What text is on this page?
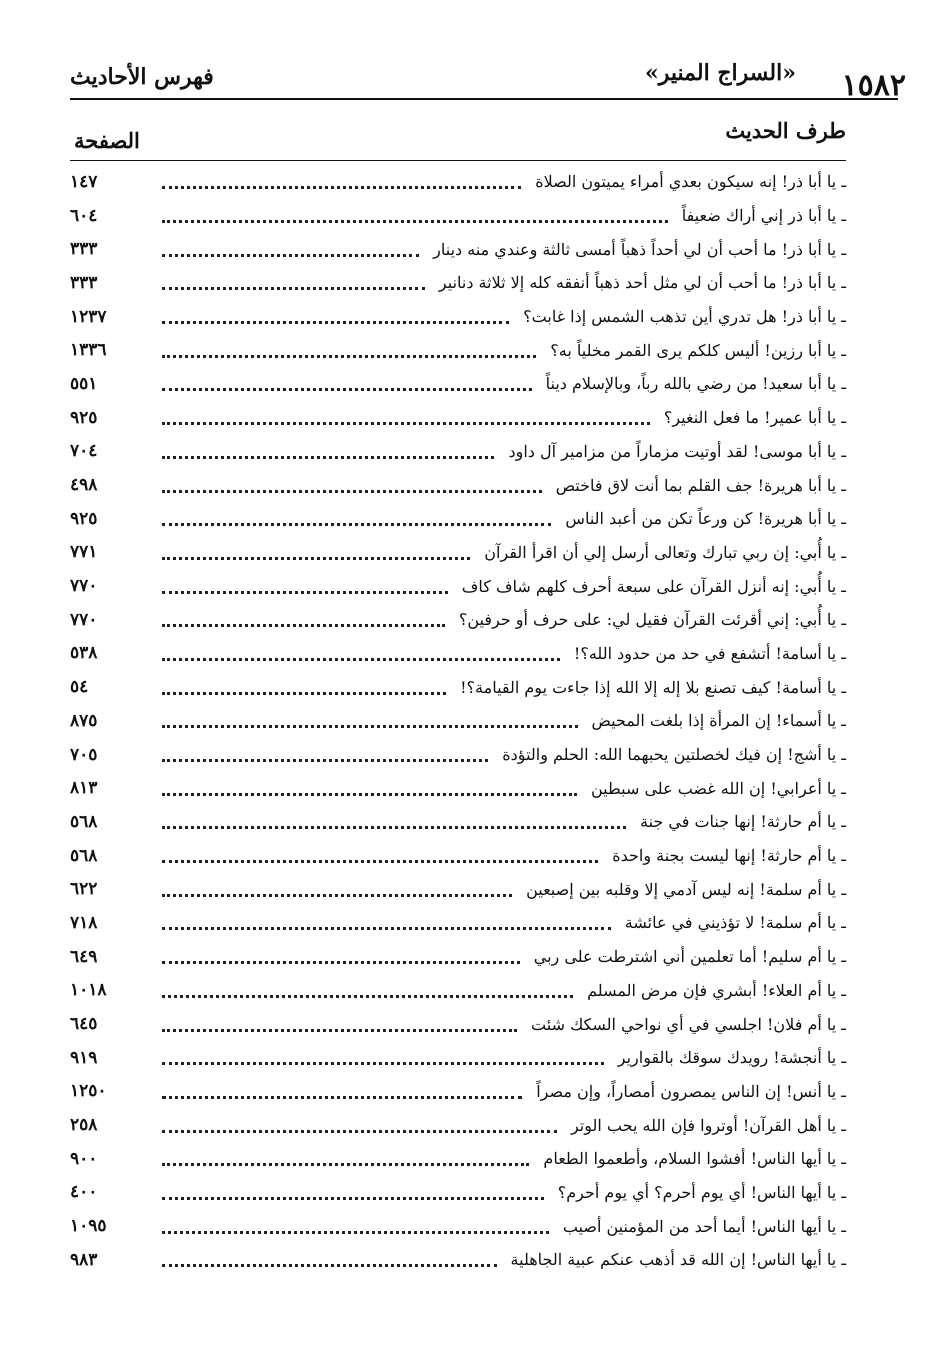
١٥٨٢
«السراج المنير»
فهرس الأحاديث
طرف الحديث
الصفحة
١٤٧	ـ يا أبا ذر! إنه سيكون بعدي أمراء يميتون الصلاة
٦٠٤	ـ يا أبا ذر إني أراك ضعيفاً
٣٣٣	ـ يا أبا ذر! ما أحب أن لي أحداً ذهباً أمسى ثالثة وعندي منه دينار
٣٣٣	ـ يا أبا ذر! ما أحب أن لي مثل أحد ذهباً أنفقه كله إلا ثلاثة دنانير
١٢٣٧	ـ يا أبا ذر! هل تدري أين تذهب الشمس إذا غابت؟
١٣٣٦	ـ يا أبا رزين! أليس كلكم يرى القمر مخلياً به؟
٥٥١	ـ يا أبا سعيد! من رضي بالله رباً، وبالإسلام ديناً
٩٢٥	ـ يا أبا عمير! ما فعل النغير؟
٧٠٤	ـ يا أبا موسى! لقد أوتيت مزماراً من مزامير آل داود
٤٩٨	ـ يا أبا هريرة! جف القلم بما أنت لاق فاختص
٩٢٥	ـ يا أبا هريرة! كن ورعاً تكن من أعبد الناس
٧٧١	ـ يا أُبي: إن ربي تبارك وتعالى أرسل إلي أن اقرأ القرآن
٧٧٠	ـ يا أُبي: إنه أنزل القرآن على سبعة أحرف كلهم شاف كاف
٧٧٠	ـ يا أُبي: إني أقرئت القرآن فقيل لي: على حرف أو حرفين؟
٥٣٨	ـ يا أسامة! أتشفع في حد من حدود الله؟!
٥٤	ـ يا أسامة! كيف تصنع بلا إله إلا الله إذا جاءت يوم القيامة؟!
٨٧٥	ـ يا أسماء! إن المرأة إذا بلغت المحيض
٧٠٥	ـ يا أشج! إن فيك لخصلتين يحبهما الله: الحلم والتؤدة
٨١٣	ـ يا أعرابي! إن الله غضب على سبطين
٥٦٨	ـ يا أم حارثة! إنها جنات في جنة
٥٦٨	ـ يا أم حارثة! إنها ليست بجنة واحدة
٦٢٢	ـ يا أم سلمة! إنه ليس آدمي إلا وقلبه بين إصبعين
٧١٨	ـ يا أم سلمة! لا تؤذيني في عائشة
٦٤٩	ـ يا أم سليم! أما تعلمين أني اشترطت على ربي
١٠١٨	ـ يا أم العلاء! أبشري فإن مرض المسلم
٦٤٥	ـ يا أم فلان! اجلسي في أي نواحي السكك شئت
٩١٩	ـ يا أنجشة! رويدك سوقك بالقوارير
١٢٥٠	ـ يا أنس! إن الناس يمصرون أمصاراً، وإن مصراً
٢٥٨	ـ يا أهل القرآن! أوتروا فإن الله يحب الوتر
٩٠٠	ـ يا أيها الناس! أفشوا السلام، وأطعموا الطعام
٤٠٠	ـ يا أيها الناس! أي يوم أحرم؟ أي يوم أحرم؟
١٠٩٥	ـ يا أيها الناس! أيما أحد من المؤمنين أصيب
٩٨٣	ـ يا أيها الناس! إن الله قد أذهب عنكم عبية الجاهلية
